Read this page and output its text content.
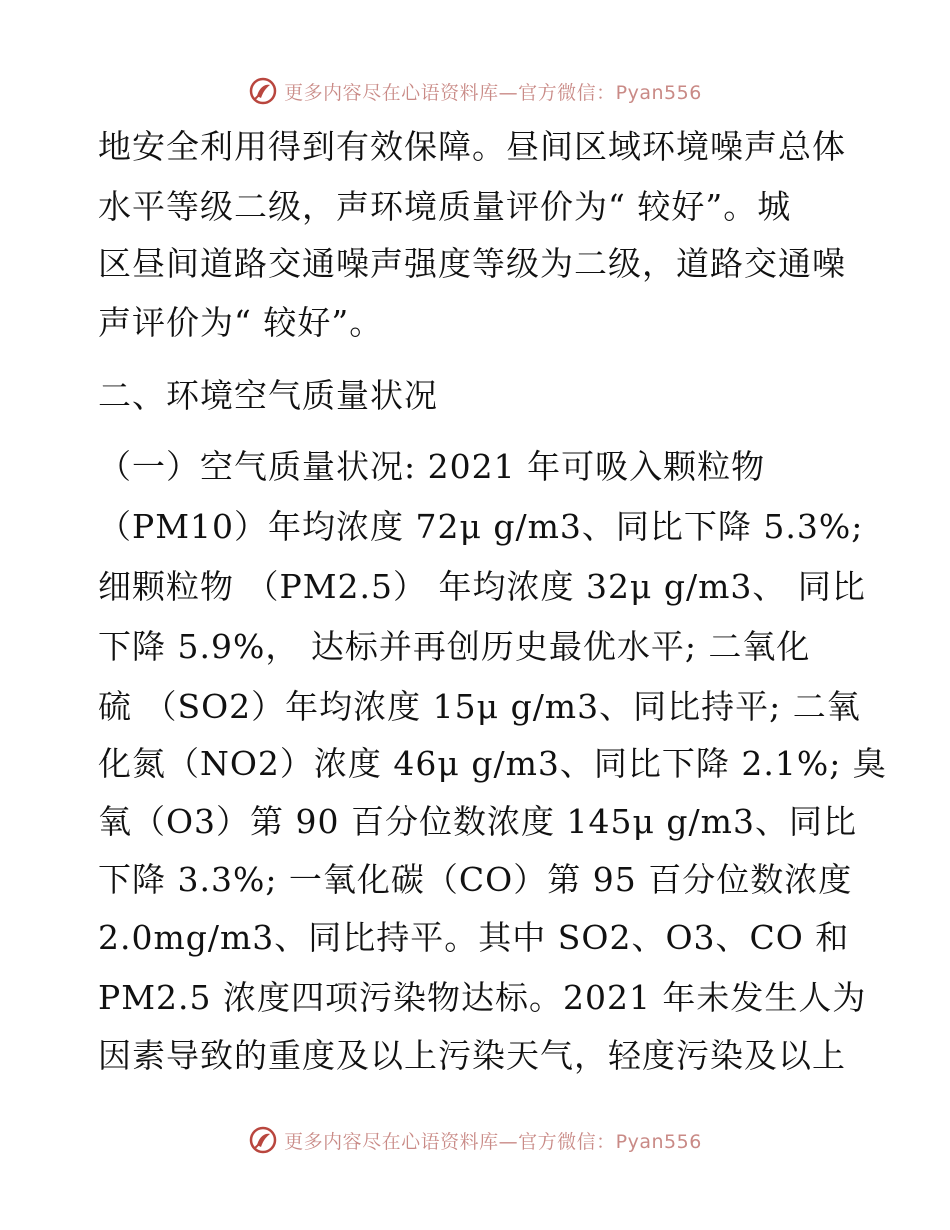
更多内容尽在心语资料库—官方微信：Pyan556
地安全利用得到有效保障。昼间区域环境噪声总体
水平等级二级，声环境质量评价为“ 较好”。城
区昼间道路交通噪声强度等级为二级，道路交通噪
声评价为“ 较好”。
二、环境空气质量状况
（一）空气质量状况: 2021 年可吸入颗粒物
（PM10）年均浓度 72μ g/m3、同比下降 5.3%;
细颗粒物 （PM2.5） 年均浓度 32μ g/m3、 同比
下降 5.9%， 达标并再创历史最优水平; 二氧化
硫 （SO2）年均浓度 15μ g/m3、同比持平; 二氧
化氮（NO2）浓度 46μ g/m3、同比下降 2.1%; 臭
氧（O3）第 90 百分位数浓度 145μ g/m3、同比
下降 3.3%; 一氧化碳（CO）第 95 百分位数浓度
2.0mg/m3、同比持平。其中 SO2、O3、CO 和
PM2.5 浓度四项污染物达标。2021 年未发生人为
因素导致的重度及以上污染天气，轻度污染及以上
更多内容尽在心语资料库—官方微信：Pyan556
